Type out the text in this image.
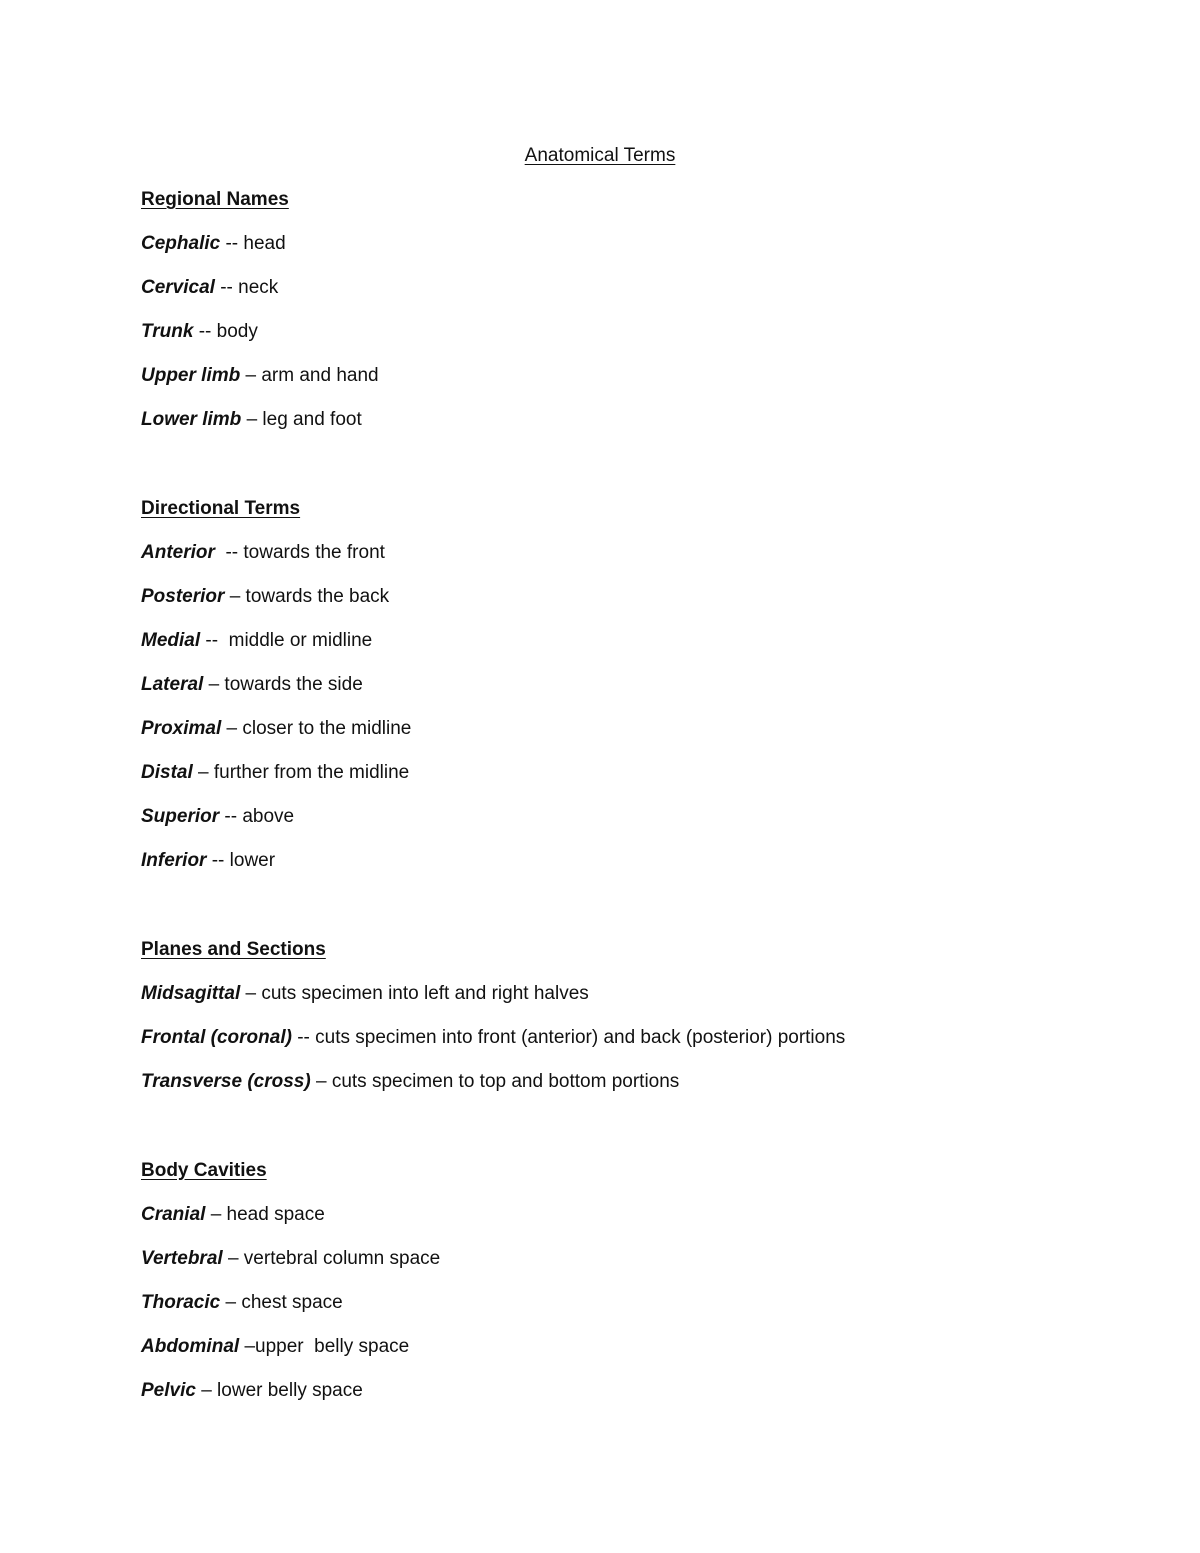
Anatomical Terms
Regional Names
Cephalic -- head
Cervical -- neck
Trunk -- body
Upper limb – arm and hand
Lower limb – leg and foot
Directional Terms
Anterior  -- towards the front
Posterior – towards the back
Medial --  middle or midline
Lateral – towards the side
Proximal – closer to the midline
Distal – further from the midline
Superior -- above
Inferior -- lower
Planes and Sections
Midsagittal – cuts specimen into left and right halves
Frontal (coronal) -- cuts specimen into front (anterior) and back (posterior) portions
Transverse (cross) – cuts specimen to top and bottom portions
Body Cavities
Cranial – head space
Vertebral – vertebral column space
Thoracic – chest space
Abdominal –upper  belly space
Pelvic – lower belly space
